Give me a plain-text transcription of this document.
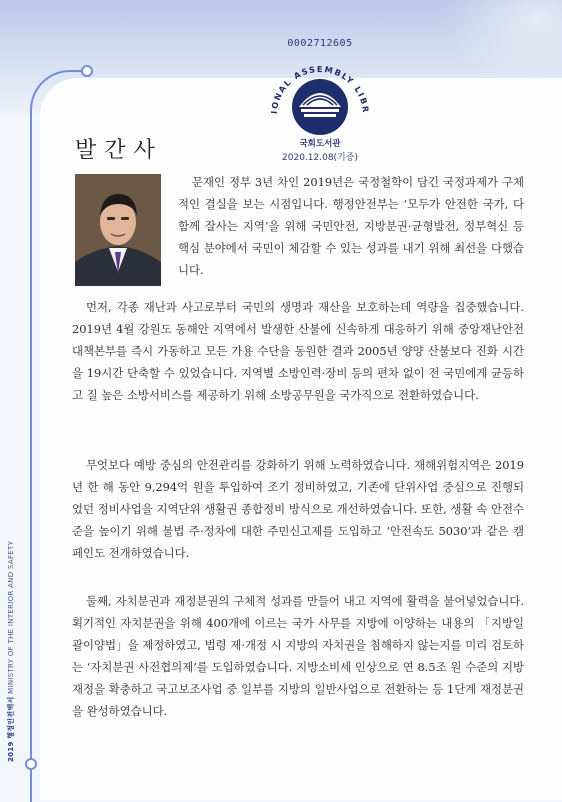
0002712605
IONAL ASSEMBLY LIBR
국회도서관
2020.12.08(기증)
발간사

문재인 정부 3년 차인 2019년은 국정철학이 담긴 국정과제가 구체적인 결실을 보는 시점입니다. 행정안전부는 ‘모두가 안전한 국가, 다함께 잘사는 지역’을 위해 국민안전, 지방분권·균형발전, 정부혁신 등 핵심 분야에서 국민이 체감할 수 있는 성과를 내기 위해 최선을 다했습니다.

먼저, 각종 재난과 사고로부터 국민의 생명과 재산을 보호하는데 역량을 집중했습니다. 2019년 4월 강원도 동해안 지역에서 발생한 산불에 신속하게 대응하기 위해 중앙재난안전대책본부를 즉시 가동하고 모든 가용 수단을 동원한 결과 2005년 양양 산불보다 진화 시간을 19시간 단축할 수 있었습니다. 지역별 소방인력·장비 등의 편차 없이 전 국민에게 균등하고 질 높은 소방서비스를 제공하기 위해 소방공무원을 국가직으로 전환하였습니다.

무엇보다 예방 중심의 안전관리를 강화하기 위해 노력하였습니다. 재해위험지역은 2019년 한 해 동안 9,294억 원을 투입하여 조기 정비하였고, 기존에 단위사업 중심으로 진행되었던 정비사업을 지역단위 생활권 종합정비 방식으로 개선하였습니다. 또한, 생활 속 안전수준을 높이기 위해 불법 주·정차에 대한 주민신고제를 도입하고 ‘안전속도 5030’과 같은 캠페인도 전개하였습니다.

둘째, 자치분권과 재정분권의 구체적 성과를 만들어 내고 지역에 활력을 불어넣었습니다. 획기적인 자치분권을 위해 400개에 이르는 국가 사무를 지방에 이양하는 내용의 「지방일괄이양법」을 제정하였고, 법령 제·개정 시 지방의 자치권을 침해하지 않는지를 미리 검토하는 ‘자치분권 사전협의제’를 도입하였습니다. 지방소비세 인상으로 연 8.5조 원 수준의 지방재정을 확충하고 국고보조사업 중 일부를 지방의 일반사업으로 전환하는 등 1단계 재정분권을 완성하였습니다.

2019 행정안전백서 MINISTRY OF THE INTERIOR AND SAFETY
